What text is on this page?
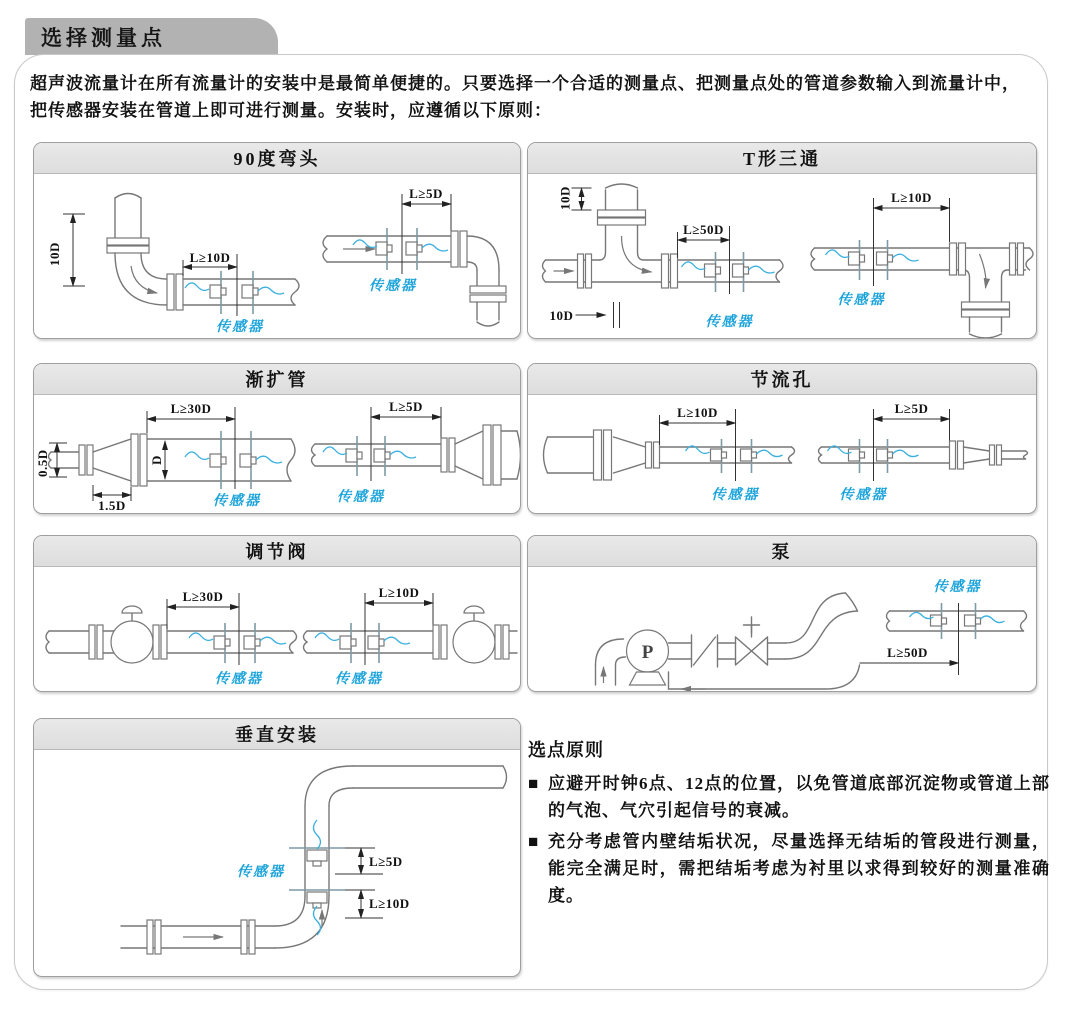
选择测量点
超声波流量计在所有流量计的安装中是最简单便捷的。只要选择一个合适的测量点、把测量点处的管道参数输入到流量计中，
把传感器安装在管道上即可进行测量。安装时，应遵循以下原则：
90度弯头
10D	L≥10D
传感器
L≥5D
传感器
T形三通
10D
L≥50D
10D	传感器
L≥10D
传感器
渐扩管
0.5D
1.5D
D
L≥30D
传感器
L≥5D
传感器
节流孔
L≥10D
传感器
L≥5D
传感器
调节阀
L≥30D
传感器
L≥10D
传感器
泵
P
传感器
L≥50D
垂直安装
传感器
L≥5D
L≥10D
选点原则
■ 应避开时钟6点、12点的位置，以免管道底部沉淀物或管道上部的气泡、气穴引起信号的衰减。
■ 充分考虑管内壁结垢状况，尽量选择无结垢的管段进行测量，能完全满足时，需把结垢考虑为衬里以求得到较好的测量准确度。
